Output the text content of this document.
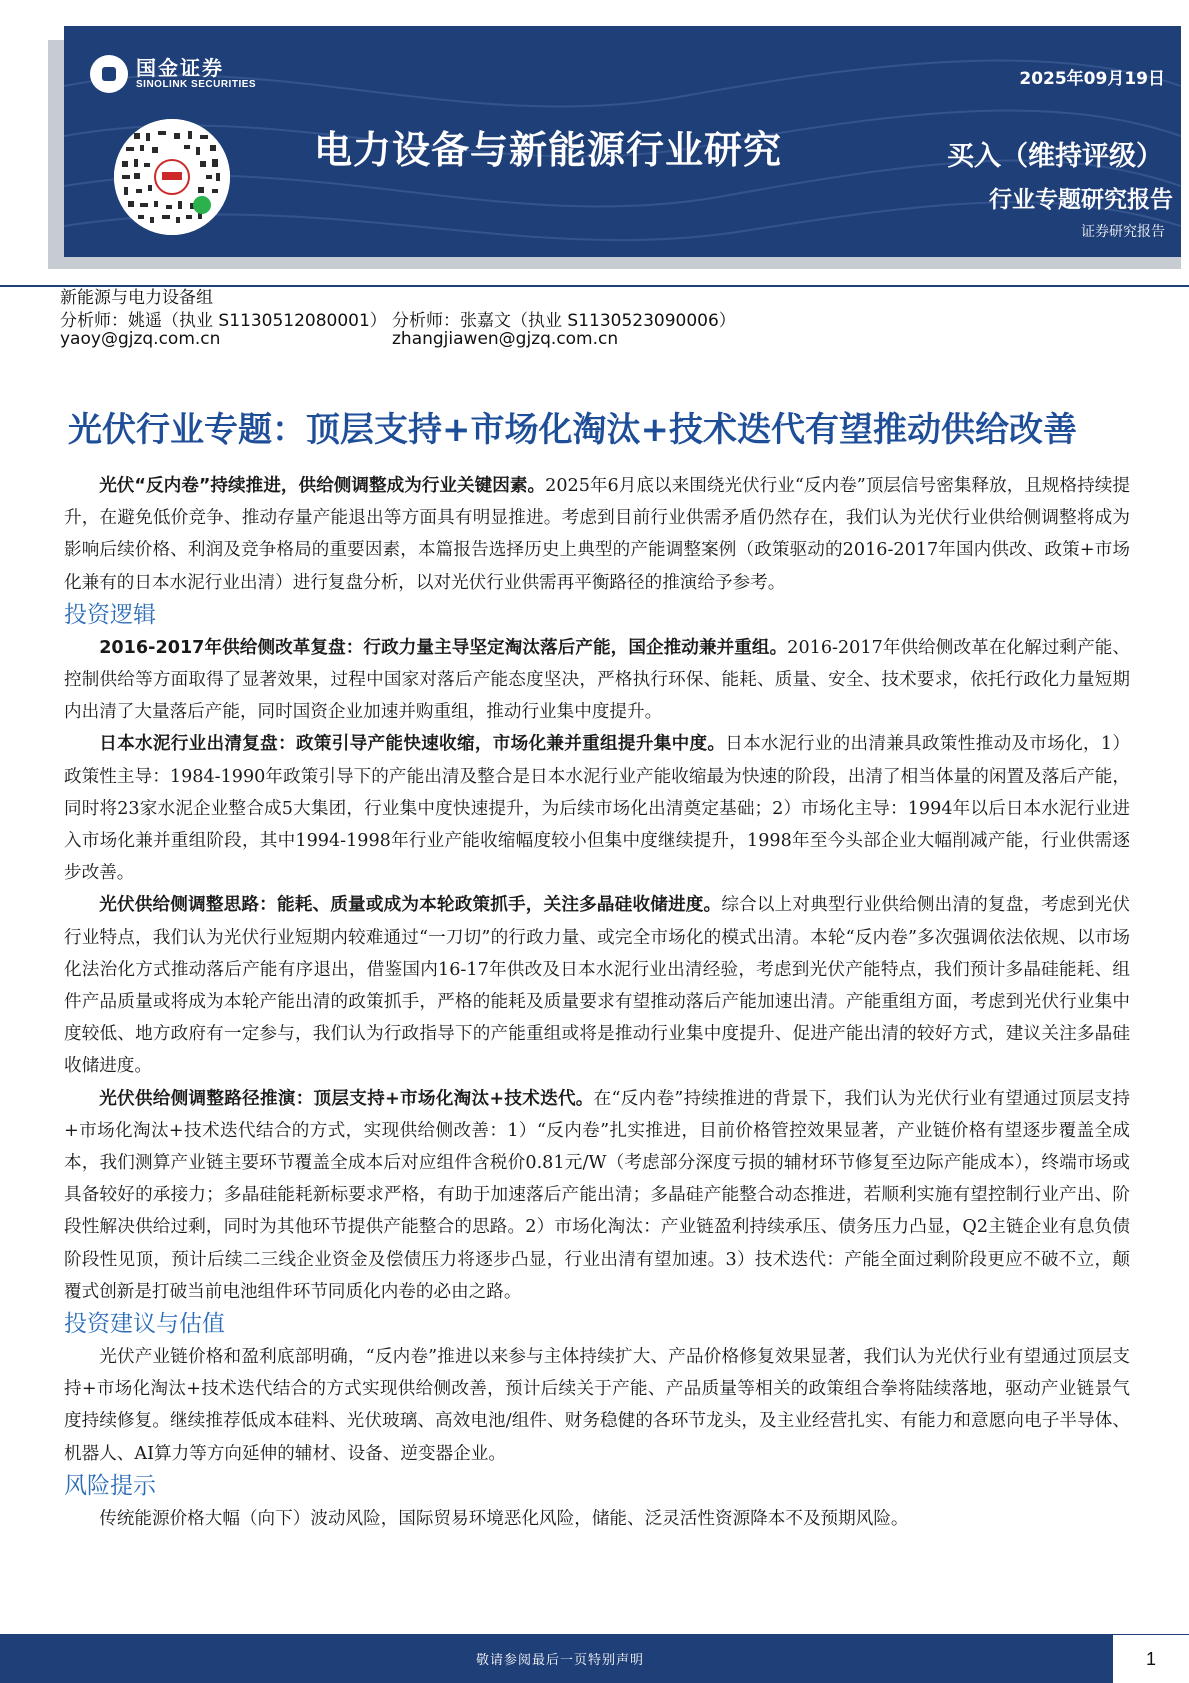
国金证券
SINOLINK SECURITIES	2025年09月19日
电力设备与新能源行业研究	买入（维持评级）
行业专题研究报告
证券研究报告
新能源与电力设备组
分析师：姚遥（执业 S1130512080001）
yaoy@gjzq.com.cn
分析师：张嘉文（执业 S1130523090006）
zhangjiawen@gjzq.com.cn
光伏行业专题：顶层支持+市场化淘汰+技术迭代有望推动供给改善

光伏“反内卷”持续推进，供给侧调整成为行业关键因素。2025年6月底以来围绕光伏行业“反内卷”顶层信号密集释放，且规格持续提升，在避免低价竞争、推动存量产能退出等方面具有明显推进。考虑到目前行业供需矛盾仍然存在，我们认为光伏行业供给侧调整将成为影响后续价格、利润及竞争格局的重要因素，本篇报告选择历史上典型的产能调整案例（政策驱动的2016-2017年国内供改、政策+市场化兼有的日本水泥行业出清）进行复盘分析，以对光伏行业供需再平衡路径的推演给予参考。

投资逻辑

2016-2017年供给侧改革复盘：行政力量主导坚定淘汰落后产能，国企推动兼并重组。2016-2017年供给侧改革在化解过剩产能、控制供给等方面取得了显著效果，过程中国家对落后产能态度坚决，严格执行环保、能耗、质量、安全、技术要求，依托行政化力量短期内出清了大量落后产能，同时国资企业加速并购重组，推动行业集中度提升。

日本水泥行业出清复盘：政策引导产能快速收缩，市场化兼并重组提升集中度。日本水泥行业的出清兼具政策性推动及市场化，1）政策性主导：1984-1990年政策引导下的产能出清及整合是日本水泥行业产能收缩最为快速的阶段，出清了相当体量的闲置及落后产能，同时将23家水泥企业整合成5大集团，行业集中度快速提升，为后续市场化出清奠定基础；2）市场化主导：1994年以后日本水泥行业进入市场化兼并重组阶段，其中1994-1998年行业产能收缩幅度较小但集中度继续提升，1998年至今头部企业大幅削减产能，行业供需逐步改善。

光伏供给侧调整思路：能耗、质量或成为本轮政策抓手，关注多晶硅收储进度。综合以上对典型行业供给侧出清的复盘，考虑到光伏行业特点，我们认为光伏行业短期内较难通过“一刀切”的行政力量、或完全市场化的模式出清。本轮“反内卷”多次强调依法依规、以市场化法治化方式推动落后产能有序退出，借鉴国内16-17年供改及日本水泥行业出清经验，考虑到光伏产能特点，我们预计多晶硅能耗、组件产品质量或将成为本轮产能出清的政策抓手，严格的能耗及质量要求有望推动落后产能加速出清。产能重组方面，考虑到光伏行业集中度较低、地方政府有一定参与，我们认为行政指导下的产能重组或将是推动行业集中度提升、促进产能出清的较好方式，建议关注多晶硅收储进度。

光伏供给侧调整路径推演：顶层支持+市场化淘汰+技术迭代。在“反内卷”持续推进的背景下，我们认为光伏行业有望通过顶层支持+市场化淘汰+技术迭代结合的方式，实现供给侧改善：1）“反内卷”扎实推进，目前价格管控效果显著，产业链价格有望逐步覆盖全成本，我们测算产业链主要环节覆盖全成本后对应组件含税价0.81元/W（考虑部分深度亏损的辅材环节修复至边际产能成本），终端市场或具备较好的承接力；多晶硅能耗新标要求严格，有助于加速落后产能出清；多晶硅产能整合动态推进，若顺利实施有望控制行业产出、阶段性解决供给过剩，同时为其他环节提供产能整合的思路。2）市场化淘汰：产业链盈利持续承压、债务压力凸显，Q2主链企业有息负债阶段性见顶，预计后续二三线企业资金及偿债压力将逐步凸显，行业出清有望加速。3）技术迭代：产能全面过剩阶段更应不破不立，颠覆式创新是打破当前电池组件环节同质化内卷的必由之路。

投资建议与估值

光伏产业链价格和盈利底部明确，“反内卷”推进以来参与主体持续扩大、产品价格修复效果显著，我们认为光伏行业有望通过顶层支持+市场化淘汰+技术迭代结合的方式实现供给侧改善，预计后续关于产能、产品质量等相关的政策组合拳将陆续落地，驱动产业链景气度持续修复。继续推荐低成本硅料、光伏玻璃、高效电池/组件、财务稳健的各环节龙头，及主业经营扎实、有能力和意愿向电子半导体、机器人、AI算力等方向延伸的辅材、设备、逆变器企业。

风险提示

传统能源价格大幅（向下）波动风险，国际贸易环境恶化风险，储能、泛灵活性资源降本不及预期风险。

敬请参阅最后一页特别声明	1
